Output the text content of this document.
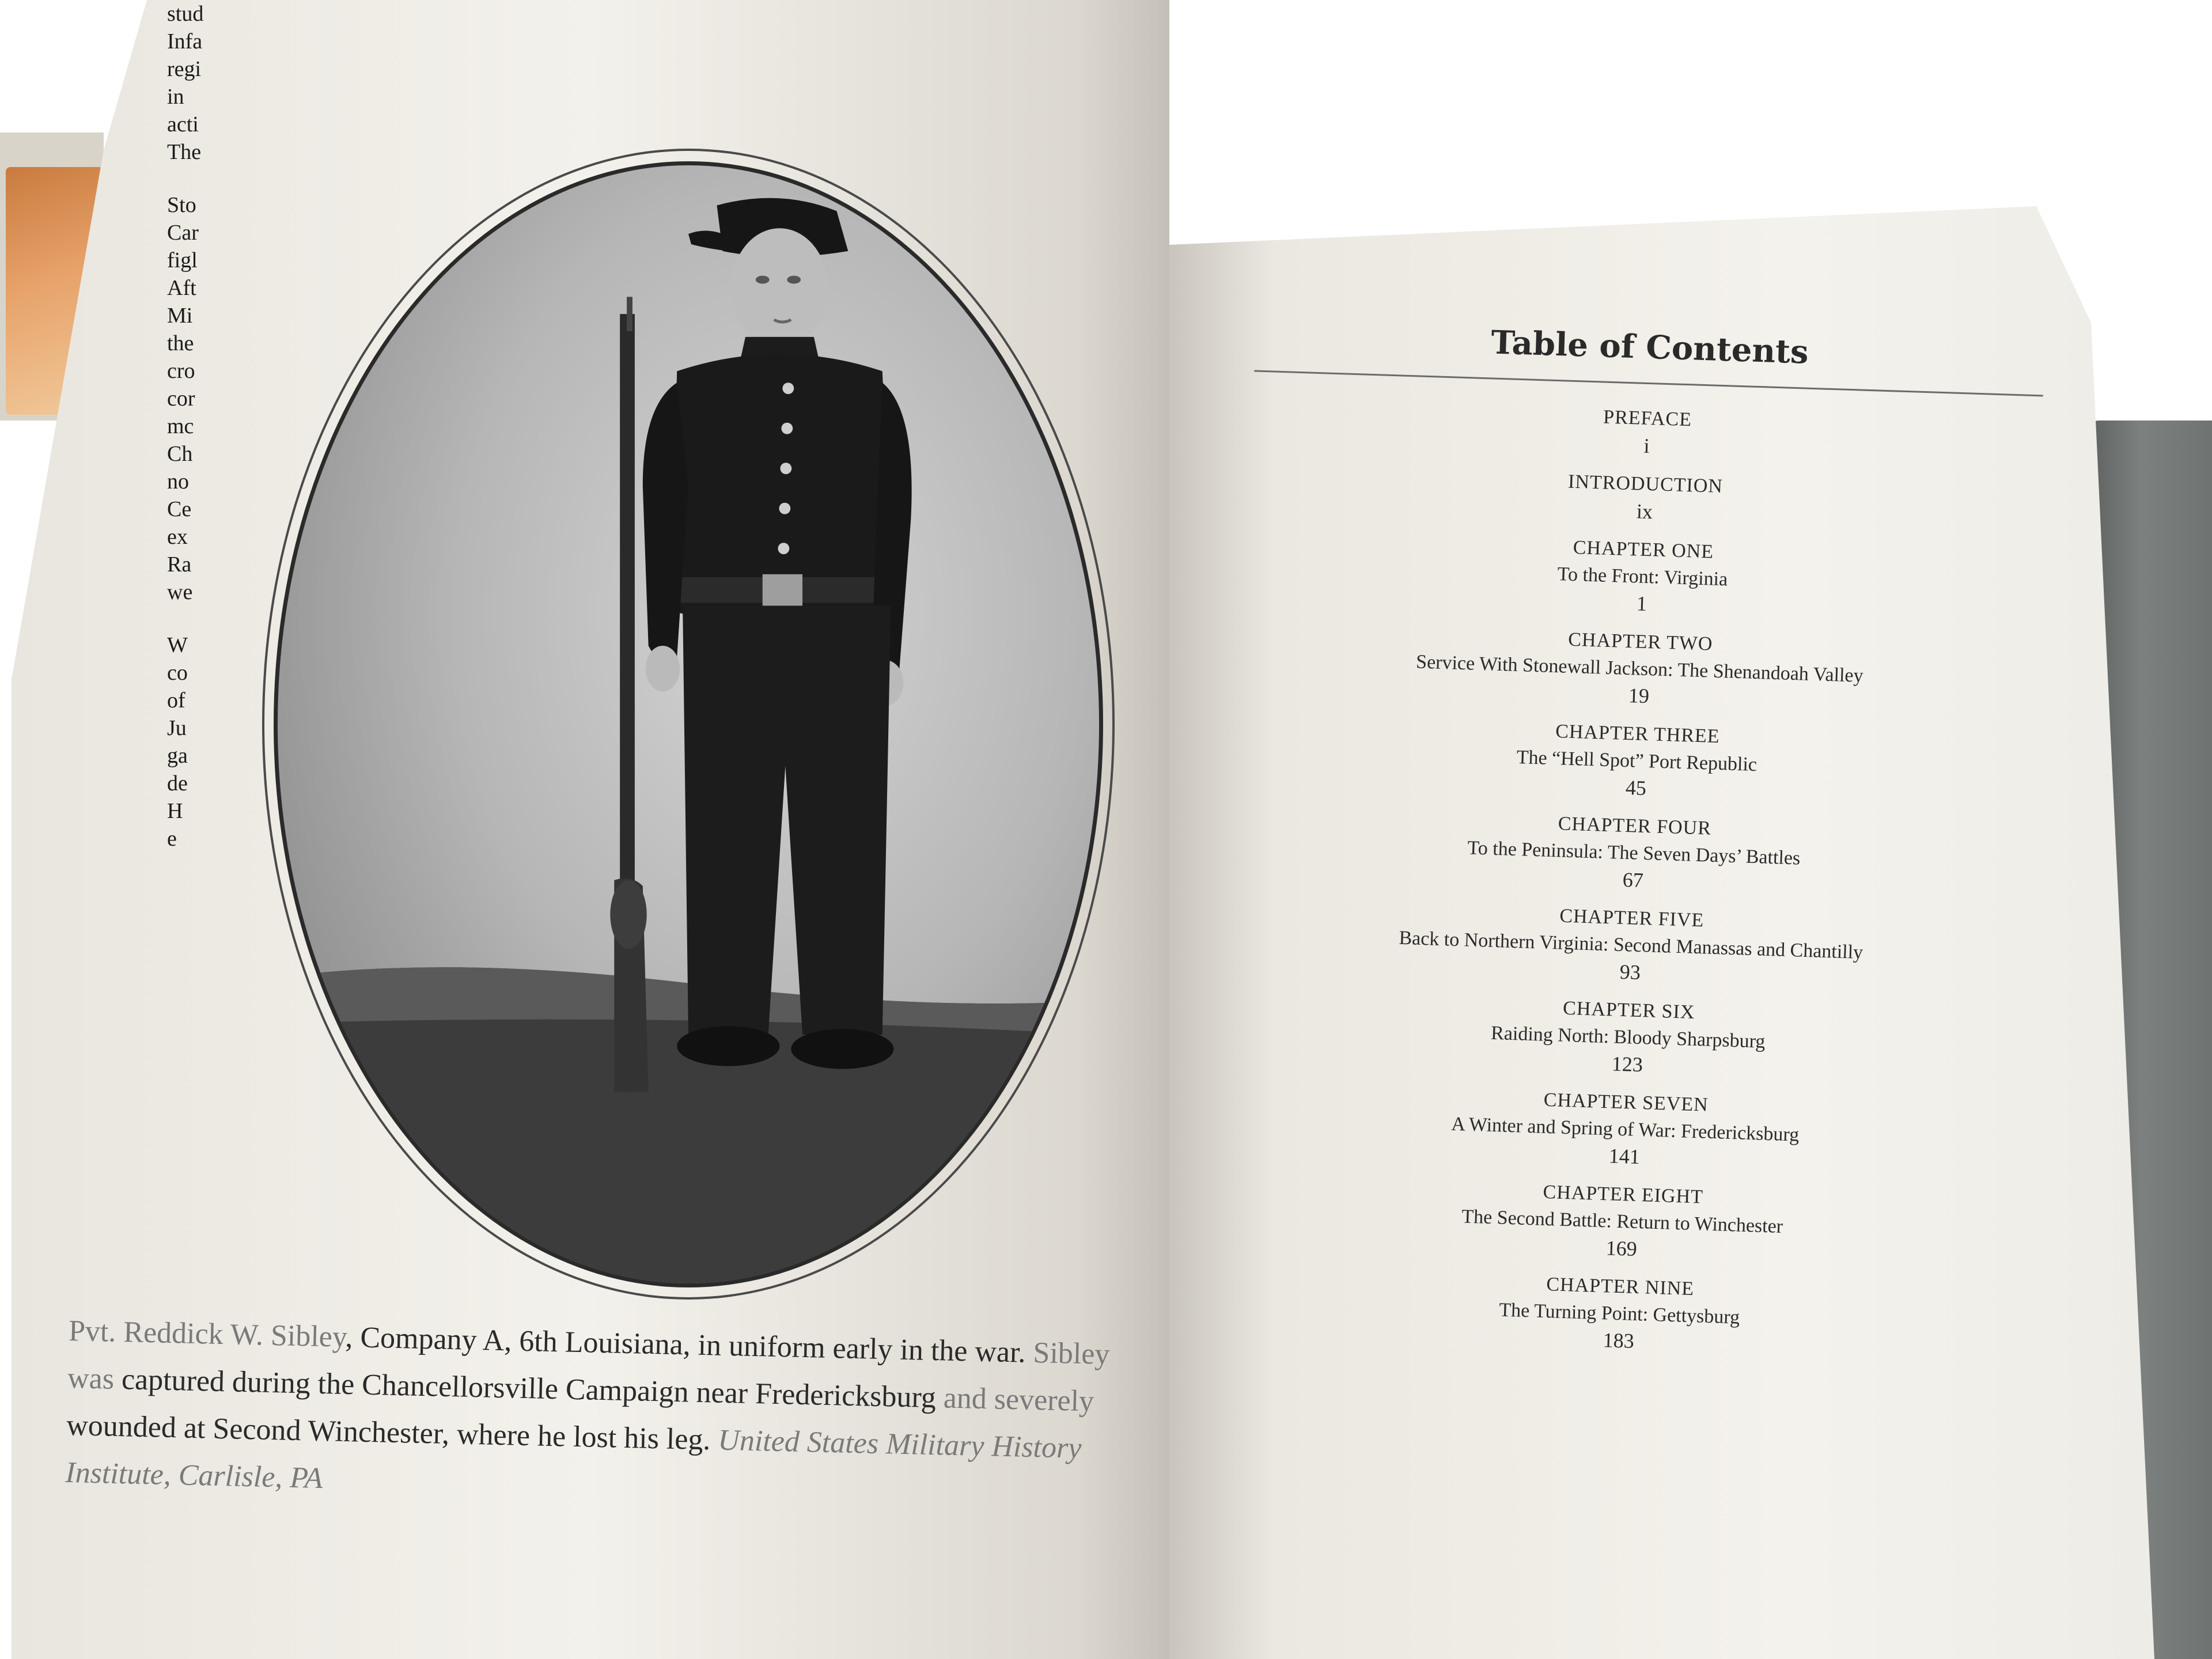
stud
Infa
regi
in
acti
The
Sto
Car
figl
Aft
Mi
the
cro
cor
mc
Ch
no
Ce
ex
Ra
we
W
co
of
Ju
ga
de
H
e
Pvt. Reddick W. Sibley, Company A, 6th Louisiana, in uniform early in the war. Sibley was captured during the Chancellorsville Campaign near Fredericksburg and severely wounded at Second Winchester, where he lost his leg. United States Military History Institute, Carlisle, PA
Table of Contents
PREFACE
i
INTRODUCTION
ix
CHAPTER ONE
To the Front: Virginia
1
CHAPTER TWO
Service With Stonewall Jackson: The Shenandoah Valley
19
CHAPTER THREE
The “Hell Spot” Port Republic
45
CHAPTER FOUR
To the Peninsula: The Seven Days’ Battles
67
CHAPTER FIVE
Back to Northern Virginia: Second Manassas and Chantilly
93
CHAPTER SIX
Raiding North: Bloody Sharpsburg
123
CHAPTER SEVEN
A Winter and Spring of War: Fredericksburg
141
CHAPTER EIGHT
The Second Battle: Return to Winchester
169
CHAPTER NINE
The Turning Point: Gettysburg
183
